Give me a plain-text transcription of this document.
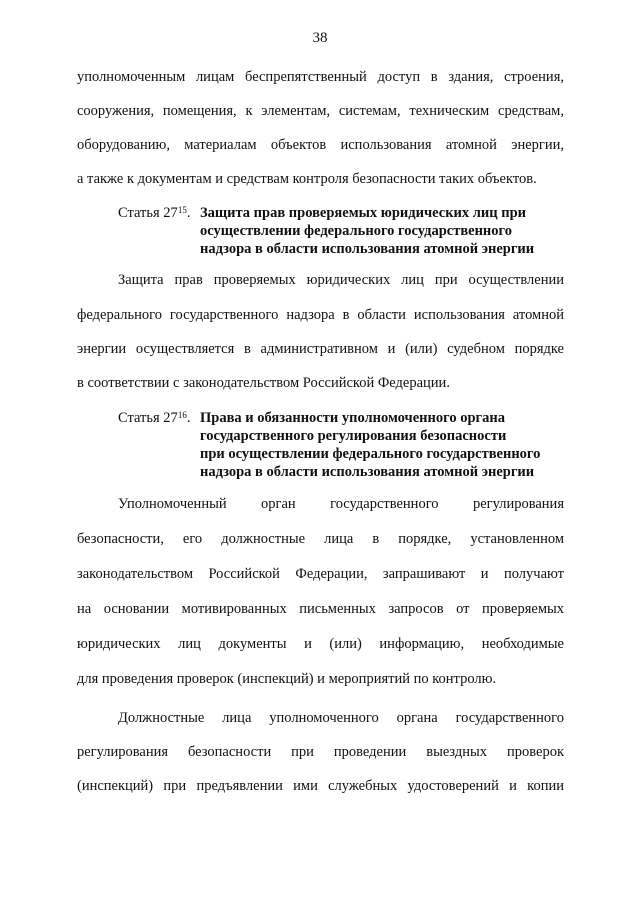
38
уполномоченным лицам беспрепятственный доступ в здания, строения,
сооружения, помещения, к элементам, системам, техническим средствам,
оборудованию, материалам объектов использования атомной энергии,
а также к документам и средствам контроля безопасности таких объектов.
Статья $27^{15}$. Защита прав проверяемых юридических лиц при
осуществлении федерального государственного
надзора в области использования атомной энергии
Защита прав проверяемых юридических лиц при осуществлении
федерального государственного надзора в области использования атомной
энергии осуществляется в административном и (или) судебном порядке
в соответствии с законодательством Российской Федерации.
Статья $27^{16}$. Права и обязанности уполномоченного органа
государственного регулирования безопасности
при осуществлении федерального государственного
надзора в области использования атомной энергии
Уполномоченный орган государственного регулирования
безопасности, его должностные лица в порядке, установленном
законодательством Российской Федерации, запрашивают и получают
на основании мотивированных письменных запросов от проверяемых
юридических лиц документы и (или) информацию, необходимые
для проведения проверок (инспекций) и мероприятий по контролю.
Должностные лица уполномоченного органа государственного
регулирования безопасности при проведении выездных проверок
(инспекций) при предъявлении ими служебных удостоверений и копии
